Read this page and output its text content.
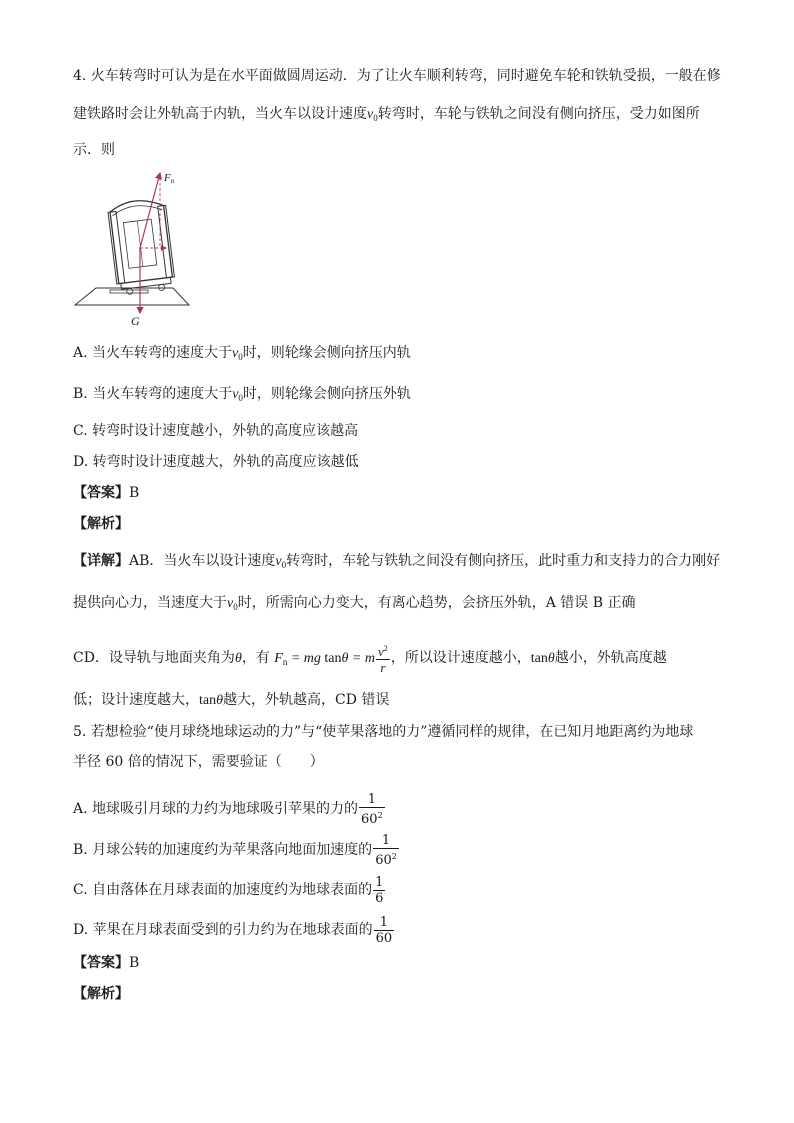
4. 火车转弯时可认为是在水平面做圆周运动．为了让火车顺利转弯，同时避免车轮和铁轨受损，一般在修
建铁路时会让外轨高于内轨，当火车以设计速度$v_0$转弯时，车轮与铁轨之间没有侧向挤压，受力如图所
示．则
Fn
G
A. 当火车转弯的速度大于$v_0$时，则轮缘会侧向挤压内轨
B. 当火车转弯的速度大于$v_0$时，则轮缘会侧向挤压外轨
C. 转弯时设计速度越小，外轨的高度应该越高
D. 转弯时设计速度越大，外轨的高度应该越低
【答案】B
【解析】
【详解】AB．当火车以设计速度$v_0$转弯时，车轮与铁轨之间没有侧向挤压，此时重力和支持力的合力刚好
提供向心力，当速度大于$v_0$时，所需向心力变大，有离心趋势，会挤压外轨，A 错误 B 正确
CD．设导轨与地面夹角为θ，有 $F_n$ = mg tanθ = m $\frac{v^2}{r}$ ，所以设计速度越小，tanθ越小，外轨高度越
低；设计速度越大，tanθ越大，外轨越高，CD 错误
5. 若想检验“使月球绕地球运动的力”与“使苹果落地的力”遵循同样的规律，在已知月地距离约为地球
半径 60 倍的情况下，需要验证（　　）
A. 地球吸引月球的力约为地球吸引苹果的力的 $\frac{1}{60^2}$
B. 月球公转的加速度约为苹果落向地面加速度的 $\frac{1}{60^2}$
C. 自由落体在月球表面的加速度约为地球表面的 $\frac{1}{6}$
D. 苹果在月球表面受到的引力约为在地球表面的 $\frac{1}{60}$
【答案】B
【解析】
